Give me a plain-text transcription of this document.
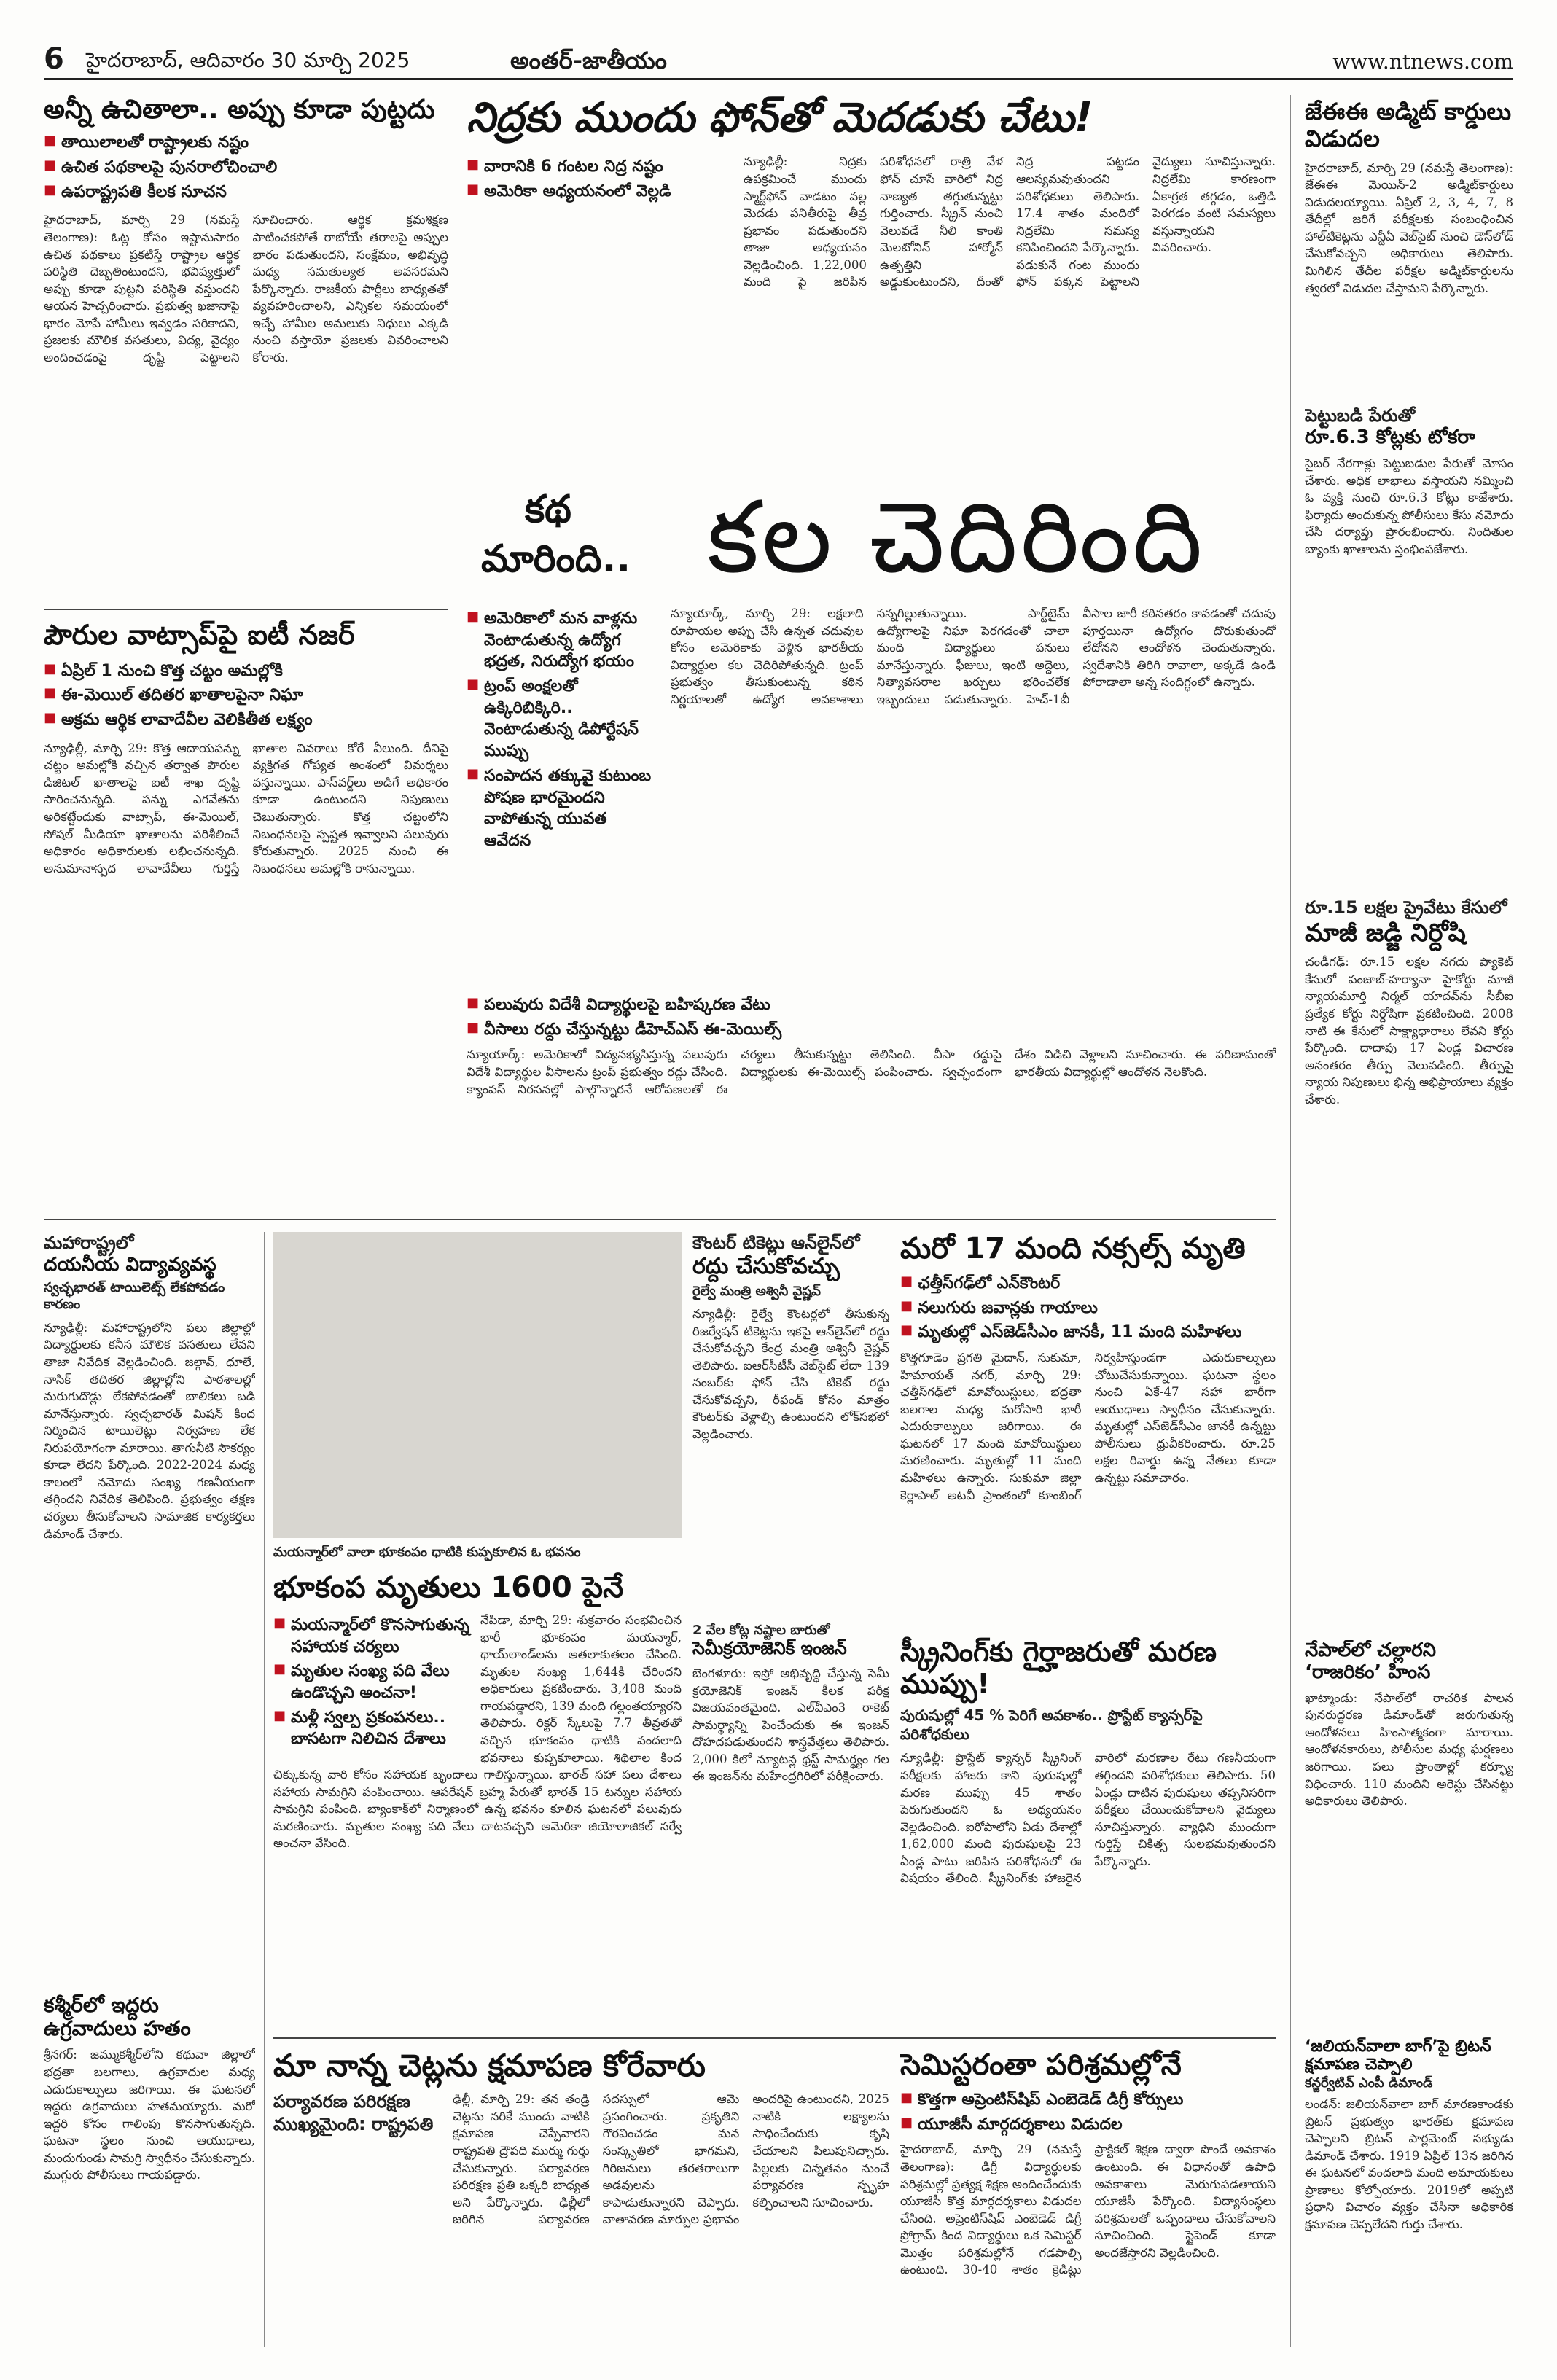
6 హైదరాబాద్‌, ఆదివారం 30 మార్చి 2025	అంతర్‌-జాతీయం	www.ntnews.com
అన్నీ ఉచితాలా.. అప్పు కూడా పుట్టదు
■ తాయిలాలతో రాష్ట్రాలకు నష్టం
■ ఉచిత పథకాలపై పునరాలోచించాలి
■ ఉపరాష్ట్రపతి కీలక సూచన
హైదరాబాద్‌, మార్చి 29 (నమస్తే తెలంగాణ): ఓట్ల కోసం ఇష్టానుసారం ఉచిత పథకాలు ప్రకటిస్తే రాష్ట్రాల ఆర్థిక పరిస్థితి దెబ్బతింటుందని, భవిష్యత్తులో అప్పు కూడా పుట్టని పరిస్థితి వస్తుందని ఆయన హెచ్చరించారు. ప్రభుత్వ ఖజానాపై భారం మోపే హామీలు ఇవ్వడం సరికాదని, ప్రజలకు మౌలిక వసతులు, విద్య, వైద్యం అందించడంపై దృష్టి పెట్టాలని సూచించారు. ఆర్థిక క్రమశిక్షణ పాటించకపోతే రాబోయే తరాలపై అప్పుల భారం పడుతుందని, సంక్షేమం, అభివృద్ధి మధ్య సమతుల్యత అవసరమని పేర్కొన్నారు. రాజకీయ పార్టీలు బాధ్యతతో వ్యవహరించాలని, ఎన్నికల సమయంలో ఇచ్చే హామీల అమలుకు నిధులు ఎక్కడి నుంచి వస్తాయో ప్రజలకు వివరించాలని కోరారు.
నిద్రకు ముందు ఫోన్‌తో మెదడుకు చేటు!
■ వారానికి 6 గంటల నిద్ర నష్టం
■ అమెరికా అధ్యయనంలో వెల్లడి
న్యూఢిల్లీ: నిద్రకు ఉపక్రమించే ముందు స్మార్ట్‌ఫోన్‌ వాడటం వల్ల మెదడు పనితీరుపై తీవ్ర ప్రభావం పడుతుందని తాజా అధ్యయనం వెల్లడించింది. 1,22,000 మంది పై జరిపిన పరిశోధనలో రాత్రి వేళ ఫోన్‌ చూసే వారిలో నిద్ర నాణ్యత తగ్గుతున్నట్టు గుర్తించారు. స్క్రీన్‌ నుంచి వెలువడే నీలి కాంతి మెలటోనిన్‌ హార్మోన్‌ ఉత్పత్తిని అడ్డుకుంటుందని, దీంతో నిద్ర పట్టడం ఆలస్యమవుతుందని పరిశోధకులు తెలిపారు. 17.4 శాతం మందిలో నిద్రలేమి సమస్య కనిపించిందని పేర్కొన్నారు. పడుకునే గంట ముందు ఫోన్‌ పక్కన పెట్టాలని వైద్యులు సూచిస్తున్నారు. నిద్రలేమి కారణంగా ఏకాగ్రత తగ్గడం, ఒత్తిడి పెరగడం వంటి సమస్యలు వస్తున్నాయని వివరించారు.
జేఈఈ అడ్మిట్‌ కార్డులు విడుదల
హైదరాబాద్‌, మార్చి 29 (నమస్తే తెలంగాణ): జేఈఈ మెయిన్‌-2 అడ్మిట్‌కార్డులు విడుదలయ్యాయి. ఏప్రిల్‌ 2, 3, 4, 7, 8 తేదీల్లో జరిగే పరీక్షలకు సంబంధించిన హాల్‌టికెట్లను ఎన్టీఏ వెబ్‌సైట్‌ నుంచి డౌన్‌లోడ్‌ చేసుకోవచ్చని అధికారులు తెలిపారు. మిగిలిన తేదీల పరీక్షల అడ్మిట్‌కార్డులను త్వరలో విడుదల చేస్తామని పేర్కొన్నారు.
పెట్టుబడి పేరుతో
రూ.6.3 కోట్లకు టోకరా
సైబర్‌ నేరగాళ్లు పెట్టుబడుల పేరుతో మోసం చేశారు. అధిక లాభాలు వస్తాయని నమ్మించి ఓ వ్యక్తి నుంచి రూ.6.3 కోట్లు కాజేశారు. ఫిర్యాదు అందుకున్న పోలీసులు కేసు నమోదు చేసి దర్యాప్తు ప్రారంభించారు. నిందితుల బ్యాంకు ఖాతాలను స్తంభింపజేశారు.
రూ.15 లక్షల ప్రైవేటు కేసులో
మాజీ జడ్జి నిర్దోషి
చండీగఢ్‌: రూ.15 లక్షల నగదు ప్యాకెట్‌ కేసులో పంజాబ్‌-హర్యానా హైకోర్టు మాజీ న్యాయమూర్తి నిర్మల్‌ యాదవ్‌ను సీబీఐ ప్రత్యేక కోర్టు నిర్దోషిగా ప్రకటించింది. 2008 నాటి ఈ కేసులో సాక్ష్యాధారాలు లేవని కోర్టు పేర్కొంది. దాదాపు 17 ఏండ్ల విచారణ అనంతరం తీర్పు వెలువడింది. తీర్పుపై న్యాయ నిపుణులు భిన్న అభిప్రాయాలు వ్యక్తం చేశారు.
నేపాల్‌లో చల్లారని ‘రాజరికం’ హింస
ఖాట్మాండు: నేపాల్‌లో రాచరిక పాలన పునరుద్ధరణ డిమాండ్‌తో జరుగుతున్న ఆందోళనలు హింసాత్మకంగా మారాయి. ఆందోళనకారులు, పోలీసుల మధ్య ఘర్షణలు జరిగాయి. పలు ప్రాంతాల్లో కర్ఫ్యూ విధించారు. 110 మందిని అరెస్టు చేసినట్టు అధికారులు తెలిపారు.
‘జలియన్‌వాలా బాగ్‌’పై బ్రిటన్‌ క్షమాపణ చెప్పాలి
కన్జర్వేటివ్‌ ఎంపీ డిమాండ్‌
లండన్‌: జలియన్‌వాలా బాగ్‌ మారణకాండకు బ్రిటన్‌ ప్రభుత్వం భారత్‌కు క్షమాపణ చెప్పాలని బ్రిటన్‌ పార్లమెంట్‌ సభ్యుడు డిమాండ్‌ చేశారు. 1919 ఏప్రిల్‌ 13న జరిగిన ఈ ఘటనలో వందలాది మంది అమాయకులు ప్రాణాలు కోల్పోయారు. 2019లో అప్పటి ప్రధాని విచారం వ్యక్తం చేసినా అధికారిక క్షమాపణ చెప్పలేదని గుర్తు చేశారు.
కథ
మారింది.. కల చెదిరింది
■ అమెరికాలో మన వాళ్లను వెంటాడుతున్న ఉద్యోగ భద్రత, నిరుద్యోగ భయం
■ ట్రంప్‌ అంక్షలతో ఉక్కిరిబిక్కిరి.. వెంటాడుతున్న డిపోర్టేషన్‌ ముప్పు
■ సంపాదన తక్కువై కుటుంబ పోషణ భారమైందని వాపోతున్న యువత ఆవేదన
న్యూయార్క్‌, మార్చి 29: లక్షలాది రూపాయల అప్పు చేసి ఉన్నత చదువుల కోసం అమెరికాకు వెళ్లిన భారతీయ విద్యార్థుల కల చెదిరిపోతున్నది. ట్రంప్‌ ప్రభుత్వం తీసుకుంటున్న కఠిన నిర్ణయాలతో ఉద్యోగ అవకాశాలు సన్నగిల్లుతున్నాయి. పార్ట్‌టైమ్‌ ఉద్యోగాలపై నిఘా పెరగడంతో చాలా మంది విద్యార్థులు పనులు మానేస్తున్నారు. ఫీజులు, ఇంటి అద్దెలు, నిత్యావసరాల ఖర్చులు భరించలేక ఇబ్బందులు పడుతున్నారు. హెచ్‌-1బీ వీసాల జారీ కఠినతరం కావడంతో చదువు పూర్తయినా ఉద్యోగం దొరుకుతుందో లేదోనని ఆందోళన చెందుతున్నారు. స్వదేశానికి తిరిగి రావాలా, అక్కడే ఉండి పోరాడాలా అన్న సందిగ్ధంలో ఉన్నారు.
పౌరుల వాట్సాప్‌పై ఐటీ నజర్‌
■ ఏప్రిల్‌ 1 నుంచి కొత్త చట్టం అమల్లోకి
■ ఈ-మెయిల్‌ తదితర ఖాతాలపైనా నిఘా
■ అక్రమ ఆర్థిక లావాదేవీల వెలికితీత లక్ష్యం
న్యూఢిల్లీ, మార్చి 29: కొత్త ఆదాయపన్ను చట్టం అమల్లోకి వచ్చిన తర్వాత పౌరుల డిజిటల్‌ ఖాతాలపై ఐటీ శాఖ దృష్టి సారించనున్నది. పన్ను ఎగవేతను అరికట్టేందుకు వాట్సాప్‌, ఈ-మెయిల్‌, సోషల్‌ మీడియా ఖాతాలను పరిశీలించే అధికారం అధికారులకు లభించనున్నది. అనుమానాస్పద లావాదేవీలు గుర్తిస్తే ఖాతాల వివరాలు కోరే వీలుంది. దీనిపై వ్యక్తిగత గోప్యత అంశంలో విమర్శలు వస్తున్నాయి. పాస్‌వర్డ్‌లు అడిగే అధికారం కూడా ఉంటుందని నిపుణులు చెబుతున్నారు. కొత్త చట్టంలోని నిబంధనలపై స్పష్టత ఇవ్వాలని పలువురు కోరుతున్నారు. 2025 నుంచి ఈ నిబంధనలు అమల్లోకి రానున్నాయి.
■ పలువురు విదేశీ విద్యార్థులపై బహిష్కరణ వేటు
■ వీసాలు రద్దు చేస్తున్నట్టు డీహెచ్‌ఎస్‌ ఈ-మెయిల్స్‌
న్యూయార్క్‌: అమెరికాలో విద్యనభ్యసిస్తున్న పలువురు విదేశీ విద్యార్థుల వీసాలను ట్రంప్‌ ప్రభుత్వం రద్దు చేసింది. క్యాంపస్‌ నిరసనల్లో పాల్గొన్నారనే ఆరోపణలతో ఈ చర్యలు తీసుకున్నట్టు తెలిసింది. వీసా రద్దుపై విద్యార్థులకు ఈ-మెయిల్స్‌ పంపించారు. స్వచ్ఛందంగా దేశం విడిచి వెళ్లాలని సూచించారు. ఈ పరిణామంతో భారతీయ విద్యార్థుల్లో ఆందోళన నెలకొంది.
మహారాష్ట్రలో
దయనీయ విద్యావ్యవస్థ
స్వచ్ఛభారత్‌ టాయిలెట్స్‌ లేకపోవడం కారణం
న్యూఢిల్లీ: మహారాష్ట్రలోని పలు జిల్లాల్లో విద్యార్థులకు కనీస మౌలిక వసతులు లేవని తాజా నివేదిక వెల్లడించింది. జల్గావ్‌, ధూలే, నాసిక్‌ తదితర జిల్లాల్లోని పాఠశాలల్లో మరుగుదొడ్లు లేకపోవడంతో బాలికలు బడి మానేస్తున్నారు. స్వచ్ఛభారత్‌ మిషన్‌ కింద నిర్మించిన టాయిలెట్లు నిర్వహణ లేక నిరుపయోగంగా మారాయి. తాగునీటి సౌకర్యం కూడా లేదని పేర్కొంది. 2022-2024 మధ్య కాలంలో నమోదు సంఖ్య గణనీయంగా తగ్గిందని నివేదిక తెలిపింది. ప్రభుత్వం తక్షణ చర్యలు తీసుకోవాలని సామాజిక కార్యకర్తలు డిమాండ్‌ చేశారు.
కశ్మీర్‌లో ఇద్దరు ఉగ్రవాదులు హతం
శ్రీనగర్‌: జమ్ముకశ్మీర్‌లోని కథువా జిల్లాలో భద్రతా బలగాలు, ఉగ్రవాదుల మధ్య ఎదురుకాల్పులు జరిగాయి. ఈ ఘటనలో ఇద్దరు ఉగ్రవాదులు హతమయ్యారు. మరో ఇద్దరి కోసం గాలింపు కొనసాగుతున్నది. ఘటనా స్థలం నుంచి ఆయుధాలు, మందుగుండు సామగ్రి స్వాధీనం చేసుకున్నారు. ముగ్గురు పోలీసులు గాయపడ్డారు.
మయన్మార్‌లో వాలా భూకంపం ధాటికి కుప్పకూలిన ఓ భవనం
భూకంప మృతులు 1600 పైనే
■ మయన్మార్‌లో కొనసాగుతున్న సహాయక చర్యలు
■ మృతుల సంఖ్య పది వేలు ఉండొచ్చని అంచనా!
■ మళ్లీ స్వల్ప ప్రకంపనలు.. బాసటగా నిలిచిన దేశాలు
నేపిడా, మార్చి 29: శుక్రవారం సంభవించిన భారీ భూకంపం మయన్మార్‌, థాయ్‌లాండ్‌లను అతలాకుతలం చేసింది. మృతుల సంఖ్య 1,644కి చేరిందని అధికారులు ప్రకటించారు. 3,408 మంది గాయపడ్డారని, 139 మంది గల్లంతయ్యారని తెలిపారు. రిక్టర్‌ స్కేలుపై 7.7 తీవ్రతతో వచ్చిన భూకంపం ధాటికి వందలాది భవనాలు కుప్పకూలాయి. శిథిలాల కింద చిక్కుకున్న వారి కోసం సహాయక బృందాలు గాలిస్తున్నాయి. భారత్‌ సహా పలు దేశాలు సహాయ సామగ్రిని పంపించాయి. ఆపరేషన్‌ బ్రహ్మ పేరుతో భారత్‌ 15 టన్నుల సహాయ సామగ్రిని పంపింది. బ్యాంకాక్‌లో నిర్మాణంలో ఉన్న భవనం కూలిన ఘటనలో పలువురు మరణించారు. మృతుల సంఖ్య పది వేలు దాటవచ్చని అమెరికా జియోలాజికల్‌ సర్వే అంచనా వేసింది.
కౌంటర్‌ టికెట్లు ఆన్‌లైన్‌లో
రద్దు చేసుకోవచ్చు
రైల్వే మంత్రి అశ్వినీ వైష్ణవ్‌
న్యూఢిల్లీ: రైల్వే కౌంటర్లలో తీసుకున్న రిజర్వేషన్‌ టికెట్లను ఇకపై ఆన్‌లైన్‌లో రద్దు చేసుకోవచ్చని కేంద్ర మంత్రి అశ్వినీ వైష్ణవ్‌ తెలిపారు. ఐఆర్‌సీటీసీ వెబ్‌సైట్‌ లేదా 139 నంబర్‌కు ఫోన్‌ చేసి టికెట్‌ రద్దు చేసుకోవచ్చని, రీఫండ్‌ కోసం మాత్రం కౌంటర్‌కు వెళ్లాల్సి ఉంటుందని లోక్‌సభలో వెల్లడించారు.
2 వేల కోట్ల నష్టాల బారుతో
సెమీక్రయోజెనిక్‌ ఇంజన్‌
బెంగళూరు: ఇస్రో అభివృద్ధి చేస్తున్న సెమీ క్రయోజెనిక్‌ ఇంజన్‌ కీలక పరీక్ష విజయవంతమైంది. ఎల్‌వీఎం3 రాకెట్‌ సామర్థ్యాన్ని పెంచేందుకు ఈ ఇంజన్‌ దోహదపడుతుందని శాస్త్రవేత్తలు తెలిపారు. 2,000 కిలో న్యూటన్ల థ్రస్ట్‌ సామర్థ్యం గల ఈ ఇంజన్‌ను మహేంద్రగిరిలో పరీక్షించారు.
మరో 17 మంది నక్సల్స్‌ మృతి
■ ఛత్తీస్‌గఢ్‌లో ఎన్‌కౌంటర్‌
■ నలుగురు జవాన్లకు గాయాలు
■ మృతుల్లో ఎస్‌జెడ్‌సీఎం జానకీ, 11 మంది మహిళలు
కొత్తగూడెం ప్రగతి మైదాన్‌, సుకుమా, హిమాయత్‌ నగర్‌, మార్చి 29: ఛత్తీస్‌గఢ్‌లో మావోయిస్టులు, భద్రతా బలగాల మధ్య మరోసారి భారీ ఎదురుకాల్పులు జరిగాయి. ఈ ఘటనలో 17 మంది మావోయిస్టులు మరణించారు. మృతుల్లో 11 మంది మహిళలు ఉన్నారు. సుకుమా జిల్లా కెర్లాపాల్‌ అటవీ ప్రాంతంలో కూంబింగ్‌ నిర్వహిస్తుండగా ఎదురుకాల్పులు చోటుచేసుకున్నాయి. ఘటనా స్థలం నుంచి ఏకే-47 సహా భారీగా ఆయుధాలు స్వాధీనం చేసుకున్నారు. మృతుల్లో ఎస్‌జెడ్‌సీఎం జానకీ ఉన్నట్టు పోలీసులు ధ్రువీకరించారు. రూ.25 లక్షల రివార్డు ఉన్న నేతలు కూడా ఉన్నట్టు సమాచారం.
స్క్రీనింగ్‌కు గైర్హాజరుతో మరణ ముప్పు!
పురుషుల్లో 45 % పెరిగే అవకాశం.. ప్రొస్టేట్‌ క్యాన్సర్‌పై పరిశోధకులు
న్యూఢిల్లీ: ప్రొస్టేట్‌ క్యాన్సర్‌ స్క్రీనింగ్‌ పరీక్షలకు హాజరు కాని పురుషుల్లో మరణ ముప్పు 45 శాతం పెరుగుతుందని ఓ అధ్యయనం వెల్లడించింది. ఐరోపాలోని ఏడు దేశాల్లో 1,62,000 మంది పురుషులపై 23 ఏండ్ల పాటు జరిపిన పరిశోధనలో ఈ విషయం తేలింది. స్క్రీనింగ్‌కు హాజరైన వారిలో మరణాల రేటు గణనీయంగా తగ్గిందని పరిశోధకులు తెలిపారు. 50 ఏండ్లు దాటిన పురుషులు తప్పనిసరిగా పరీక్షలు చేయించుకోవాలని వైద్యులు సూచిస్తున్నారు. వ్యాధిని ముందుగా గుర్తిస్తే చికిత్స సులభమవుతుందని పేర్కొన్నారు.
మా నాన్న చెట్లను క్షమాపణ కోరేవారు
పర్యావరణ పరిరక్షణ ముఖ్యమైంది: రాష్ట్రపతి
ఢిల్లీ, మార్చి 29: తన తండ్రి చెట్లను నరికే ముందు వాటికి క్షమాపణ చెప్పేవారని రాష్ట్రపతి ద్రౌపది ముర్ము గుర్తు చేసుకున్నారు. పర్యావరణ పరిరక్షణ ప్రతి ఒక్కరి బాధ్యత అని పేర్కొన్నారు. ఢిల్లీలో జరిగిన పర్యావరణ సదస్సులో ఆమె ప్రసంగించారు. ప్రకృతిని గౌరవించడం మన సంస్కృతిలో భాగమని, గిరిజనులు తరతరాలుగా అడవులను కాపాడుతున్నారని చెప్పారు. వాతావరణ మార్పుల ప్రభావం అందరిపై ఉంటుందని, 2025 నాటికి లక్ష్యాలను సాధించేందుకు కృషి చేయాలని పిలుపునిచ్చారు. పిల్లలకు చిన్నతనం నుంచే పర్యావరణ స్పృహ కల్పించాలని సూచించారు.
సెమిస్టరంతా పరిశ్రమల్లోనే
■ కొత్తగా అప్రెంటిస్‌షిప్‌ ఎంబెడెడ్‌ డిగ్రీ కోర్సులు
■ యూజీసీ మార్గదర్శకాలు విడుదల
హైదరాబాద్‌, మార్చి 29 (నమస్తే తెలంగాణ): డిగ్రీ విద్యార్థులకు పరిశ్రమల్లో ప్రత్యక్ష శిక్షణ అందించేందుకు యూజీసీ కొత్త మార్గదర్శకాలు విడుదల చేసింది. అప్రెంటిస్‌షిప్‌ ఎంబెడెడ్‌ డిగ్రీ ప్రోగ్రామ్‌ కింద విద్యార్థులు ఒక సెమిస్టర్‌ మొత్తం పరిశ్రమల్లోనే గడపాల్సి ఉంటుంది. 30-40 శాతం క్రెడిట్లు ప్రాక్టికల్‌ శిక్షణ ద్వారా పొందే అవకాశం ఉంటుంది. ఈ విధానంతో ఉపాధి అవకాశాలు మెరుగుపడతాయని యూజీసీ పేర్కొంది. విద్యాసంస్థలు పరిశ్రమలతో ఒప్పందాలు చేసుకోవాలని సూచించింది. స్టైపెండ్‌ కూడా అందజేస్తారని వెల్లడించింది.
